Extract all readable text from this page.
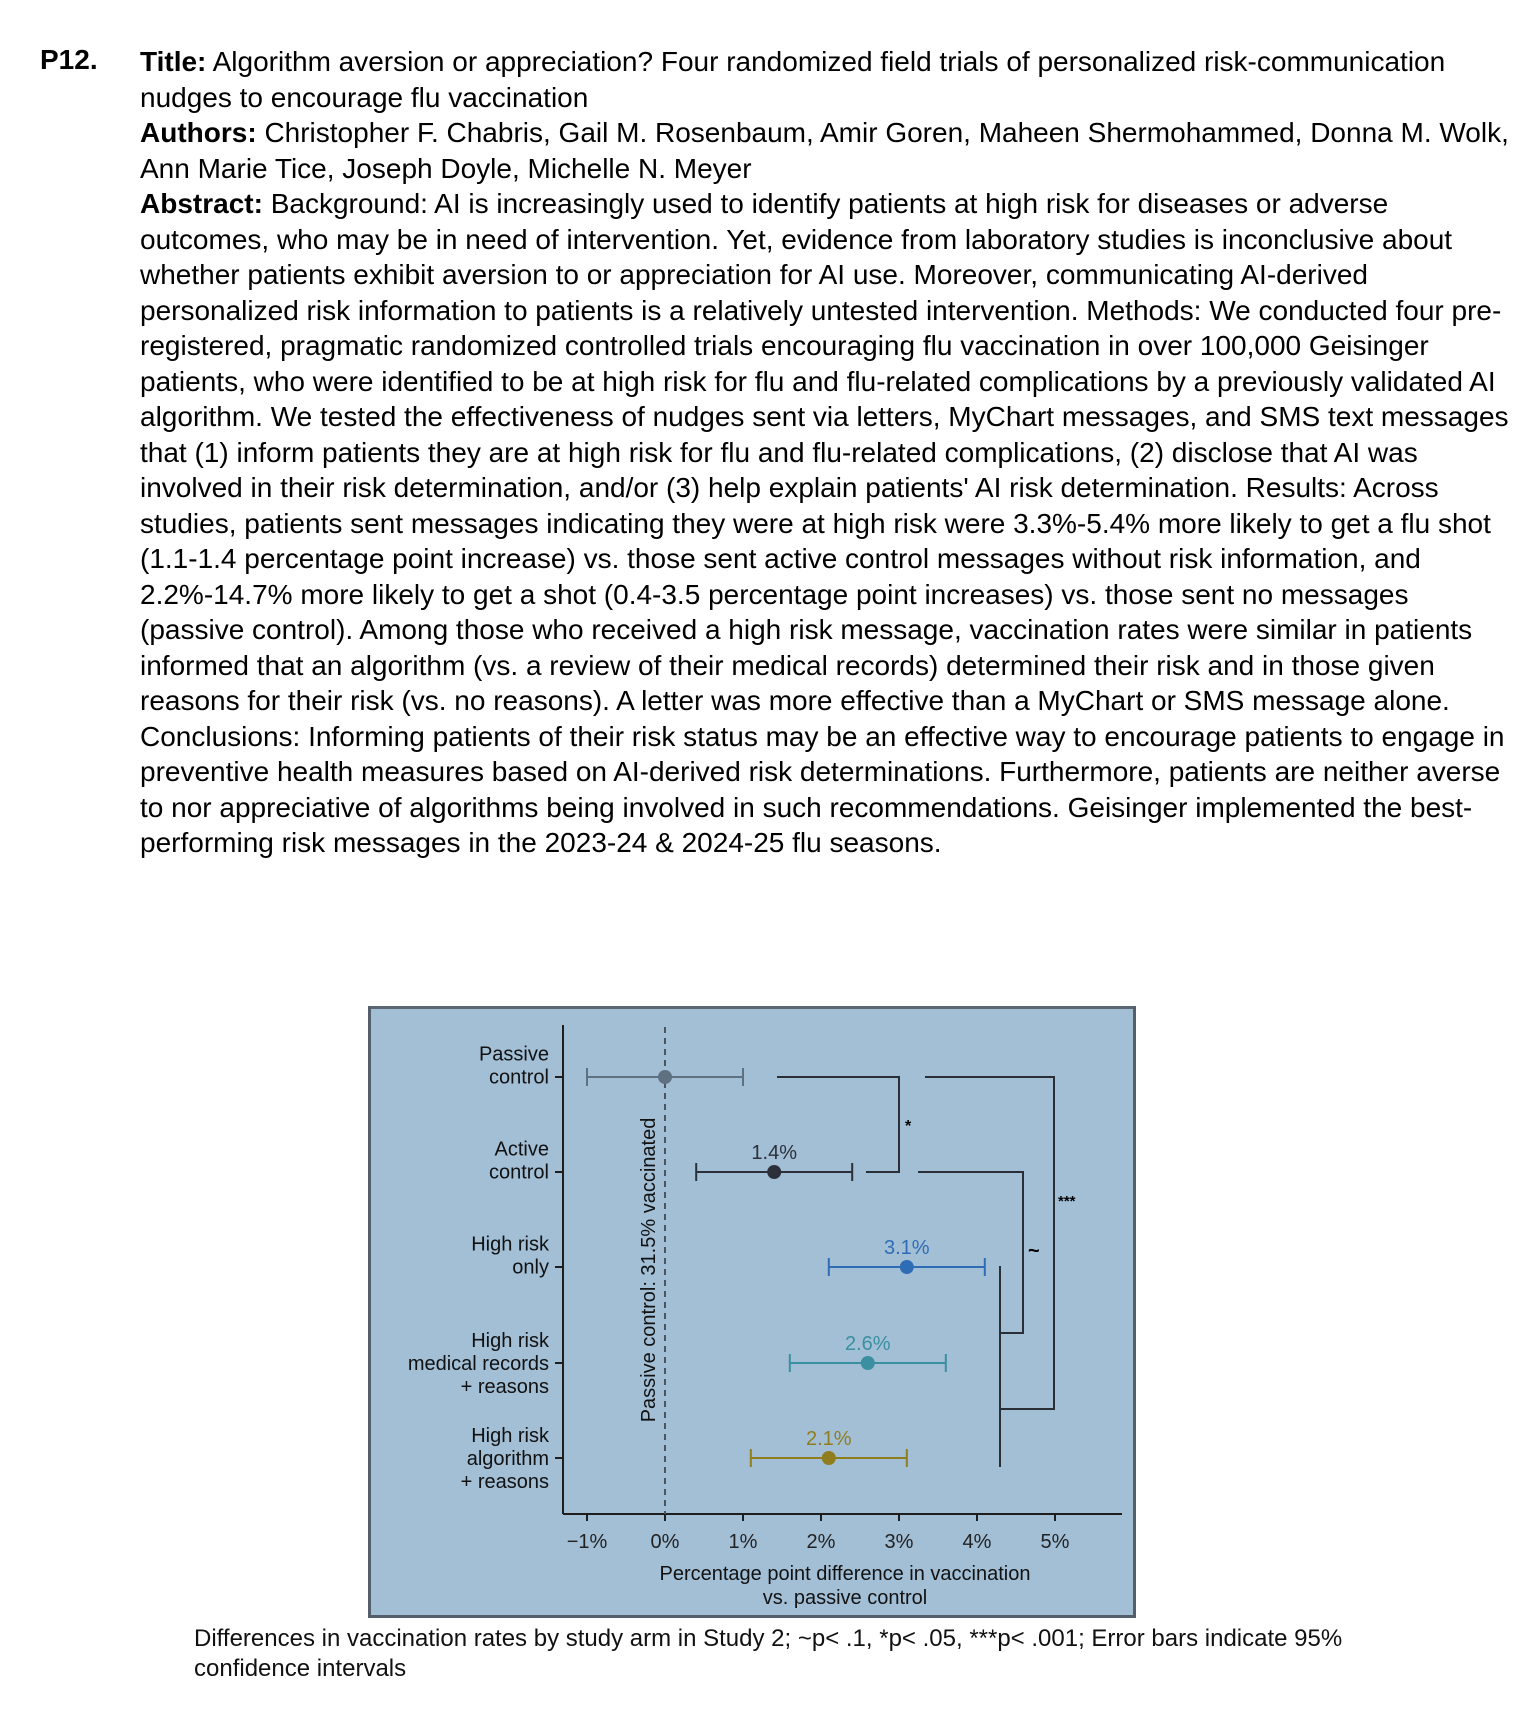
P12. Title: Algorithm aversion or appreciation? Four randomized field trials of personalized risk-communication nudges to encourage flu vaccination
Authors: Christopher F. Chabris, Gail M. Rosenbaum, Amir Goren, Maheen Shermohammed, Donna M. Wolk, Ann Marie Tice, Joseph Doyle, Michelle N. Meyer
Abstract: Background: AI is increasingly used to identify patients at high risk for diseases or adverse outcomes, who may be in need of intervention. Yet, evidence from laboratory studies is inconclusive about whether patients exhibit aversion to or appreciation for AI use. Moreover, communicating AI-derived personalized risk information to patients is a relatively untested intervention. Methods: We conducted four pre-registered, pragmatic randomized controlled trials encouraging flu vaccination in over 100,000 Geisinger patients, who were identified to be at high risk for flu and flu-related complications by a previously validated AI algorithm. We tested the effectiveness of nudges sent via letters, MyChart messages, and SMS text messages that (1) inform patients they are at high risk for flu and flu-related complications, (2) disclose that AI was involved in their risk determination, and/or (3) help explain patients' AI risk determination. Results: Across studies, patients sent messages indicating they were at high risk were 3.3%-5.4% more likely to get a flu shot (1.1-1.4 percentage point increase) vs. those sent active control messages without risk information, and 2.2%-14.7% more likely to get a shot (0.4-3.5 percentage point increases) vs. those sent no messages (passive control). Among those who received a high risk message, vaccination rates were similar in patients informed that an algorithm (vs. a review of their medical records) determined their risk and in those given reasons for their risk (vs. no reasons). A letter was more effective than a MyChart or SMS message alone. Conclusions: Informing patients of their risk status may be an effective way to encourage patients to engage in preventive health measures based on AI-derived risk determinations. Furthermore, patients are neither averse to nor appreciative of algorithms being involved in such recommendations. Geisinger implemented the best-performing risk messages in the 2023-24 & 2024-25 flu seasons.
−1% 0% 1% 2% 3% 4% 5%
Percentage point difference in vaccination
vs. passive control
Passive
control
Active
control
High risk
only
High risk
medical records
+ reasons
High risk
algorithm
+ reasons
Passive control: 31.5% vaccinated	1.4%
3.1%
2.6%
2.1%
*
~
***
Differences in vaccination rates by study arm in Study 2; ~p< .1, *p< .05, ***p< .001; Error bars indicate 95% confidence intervals
